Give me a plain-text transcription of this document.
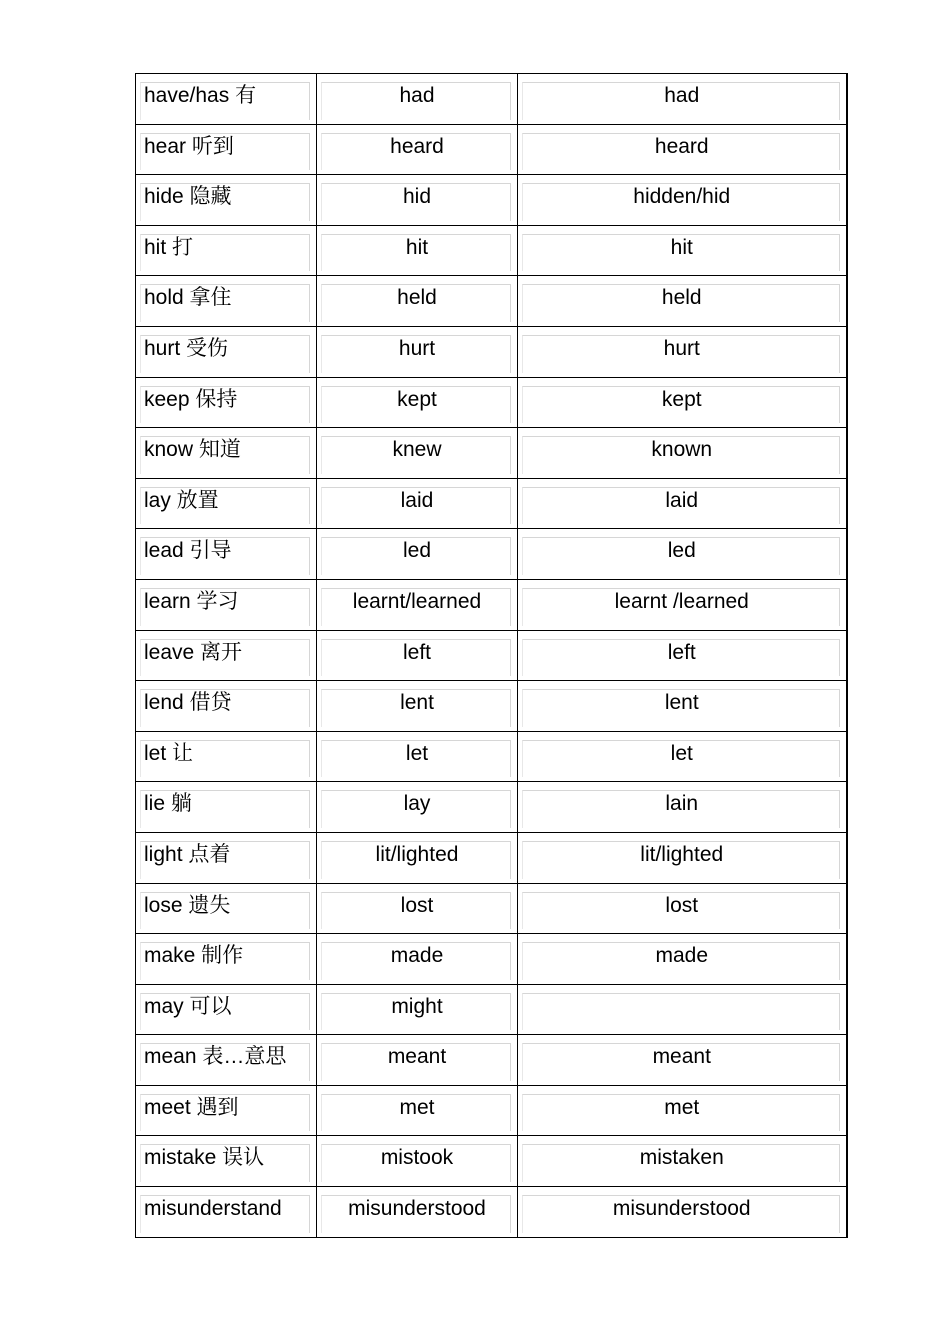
have/has 有	had	had

hear 听到	heard	heard

hide 隐藏	hid	hidden/hid

hit 打	hit	hit

hold 拿住	held	held

hurt 受伤	hurt	hurt

keep 保持	kept	kept

know 知道	knew	known

lay 放置	laid	laid

lead 引导	led	led

learn 学习	learnt/learned	learnt /learned

leave 离开	left	left

lend 借贷	lent	lent

let 让	let	let

lie 躺	lay	lain

light 点着	lit/lighted	lit/lighted

lose 遗失	lost	lost

make 制作	made	made

may 可以	might	

mean 表…意思	meant	meant

meet 遇到	met	met

mistake 误认	mistook	mistaken

misunderstand	misunderstood	misunderstood
